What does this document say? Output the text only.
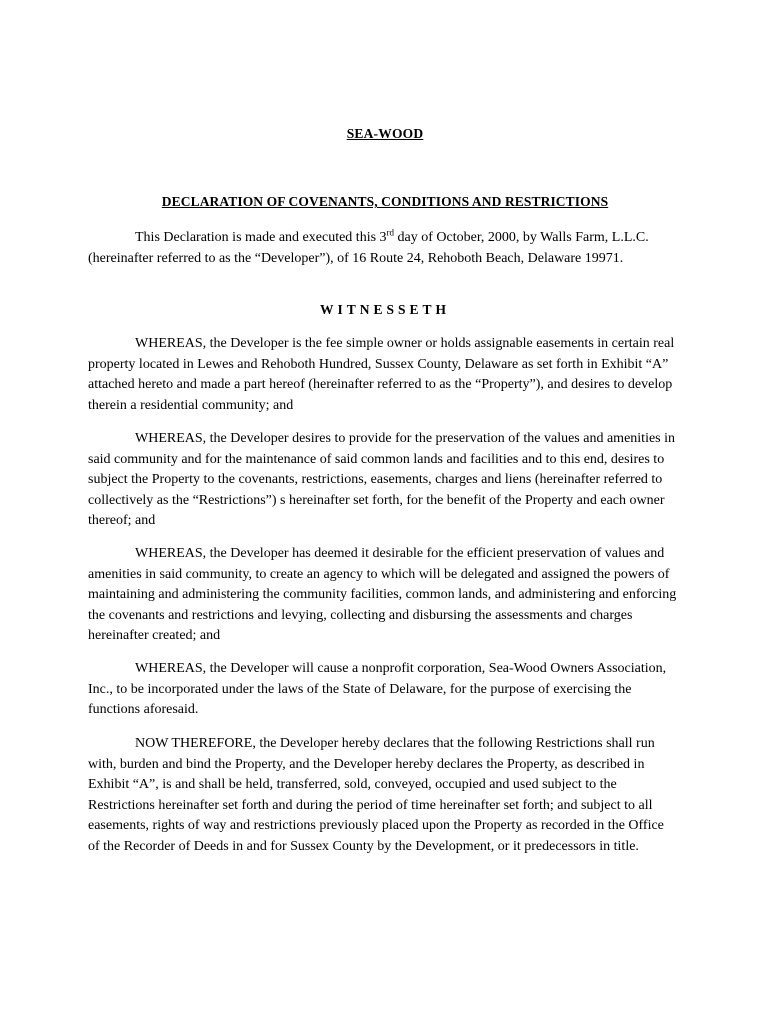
SEA-WOOD
DECLARATION OF COVENANTS, CONDITIONS AND RESTRICTIONS
This Declaration is made and executed this 3rd day of October, 2000, by Walls Farm, L.L.C. (hereinafter referred to as the “Developer”), of 16 Route 24, Rehoboth Beach, Delaware 19971.
WITNESSETH
WHEREAS, the Developer is the fee simple owner or holds assignable easements in certain real property located in Lewes and Rehoboth Hundred, Sussex County, Delaware as set forth in Exhibit “A” attached hereto and made a part hereof (hereinafter referred to as the “Property”), and desires to develop therein a residential community; and
WHEREAS, the Developer desires to provide for the preservation of the values and amenities in said community and for the maintenance of said common lands and facilities and to this end, desires to subject the Property to the covenants, restrictions, easements, charges and liens (hereinafter referred to collectively as the “Restrictions”) s hereinafter set forth, for the benefit of the Property and each owner thereof; and
WHEREAS, the Developer has deemed it desirable for the efficient preservation of values and amenities in said community, to create an agency to which will be delegated and assigned the powers of maintaining and administering the community facilities, common lands, and administering and enforcing the covenants and restrictions and levying, collecting and disbursing the assessments and charges hereinafter created; and
WHEREAS, the Developer will cause a nonprofit corporation, Sea-Wood Owners Association, Inc., to be incorporated under the laws of the State of Delaware, for the purpose of exercising the functions aforesaid.
NOW THEREFORE, the Developer hereby declares that the following Restrictions shall run with, burden and bind the Property, and the Developer hereby declares the Property, as described in Exhibit “A”, is and shall be held, transferred, sold, conveyed, occupied and used subject to the Restrictions hereinafter set forth and during the period of time hereinafter set forth; and subject to all easements, rights of way and restrictions previously placed upon the Property as recorded in the Office of the Recorder of Deeds in and for Sussex County by the Development, or it predecessors in title.
